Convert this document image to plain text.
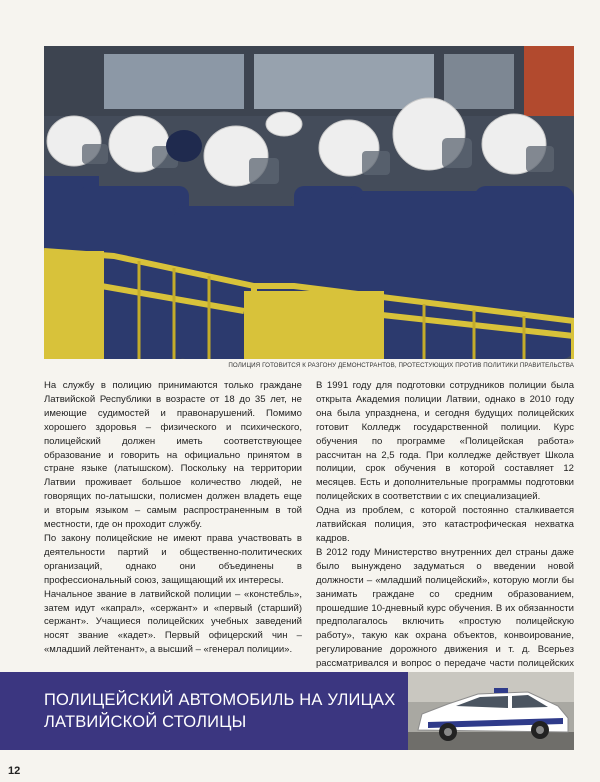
ПОЛИЦИЯ ГОТОВИТСЯ К РАЗГОНУ ДЕМОНСТРАНТОВ, ПРОТЕСТУЮЩИХ ПРОТИВ ПОЛИТИКИ ПРАВИТЕЛЬСТВА

На службу в полицию принимаются только граждане Латвийской Республики в возрасте от 18 до 35 лет, не имеющие судимостей и правонарушений. Помимо хорошего здоровья – физического и психического, полицейский должен иметь соответствующее образование и говорить на официально принятом в стране языке (латышском). Поскольку на территории Латвии проживает большое количество людей, не говорящих по-латышски, полисмен должен владеть еще и вторым языком – самым распространенным в той местности, где он проходит службу.

По закону полицейские не имеют права участвовать в деятельности партий и общественно-политических организаций, однако они объединены в профессиональный союз, защищающий их интересы.

Начальное звание в латвийской полиции – «констебль», затем идут «капрал», «сержант» и «первый (старший) сержант». Учащиеся полицейских учебных заведений носят звание «кадет». Первый офицерский чин – «младший лейтенант», а высший – «генерал полиции».

В 1991 году для подготовки сотрудников полиции была открыта Академия полиции Латвии, однако в 2010 году она была упразднена, и сегодня будущих полицейских готовит Колледж государственной полиции. Курс обучения по программе «Полицейская работа» рассчитан на 2,5 года. При колледже действует Школа полиции, срок обучения в которой составляет 12 месяцев. Есть и дополнительные программы подготовки полицейских в соответствии с их специализацией.

Одна из проблем, с которой постоянно сталкивается латвийская полиция, это катастрофическая нехватка кадров.

В 2012 году Министерство внутренних дел страны даже было вынуждено задуматься о введении новой должности – «младший полицейский», которую могли бы занимать граждане со средним образованием, прошедшие 10-дневный курс обучения. В их обязанности предполагалось включить «простую полицейскую работу», такую как охрана объектов, конвоирование, регулирование дорожного движения и т. д. Всерьез рассматривался и вопрос о передаче части полицейских

ПОЛИЦЕЙСКИЙ АВТОМОБИЛЬ НА УЛИЦАХ
ЛАТВИЙСКОЙ СТОЛИЦЫ
12
